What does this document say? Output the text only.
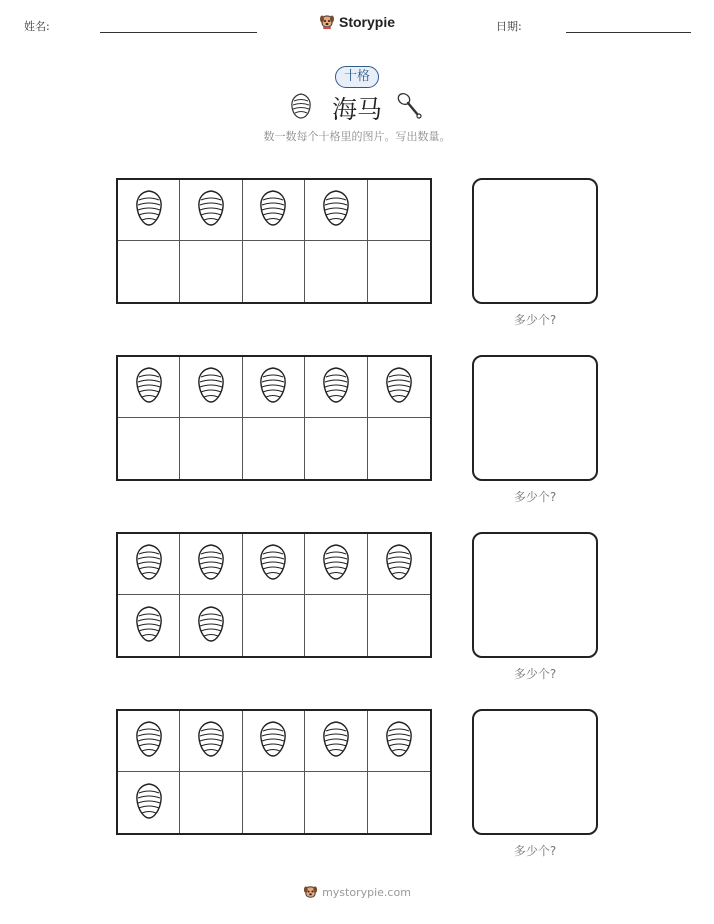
姓名:	Storypie	日期:
十格
海马
数一数每个十格里的图片。写出数量。
多少个?
多少个?
多少个?
多少个?
mystorypie.com
